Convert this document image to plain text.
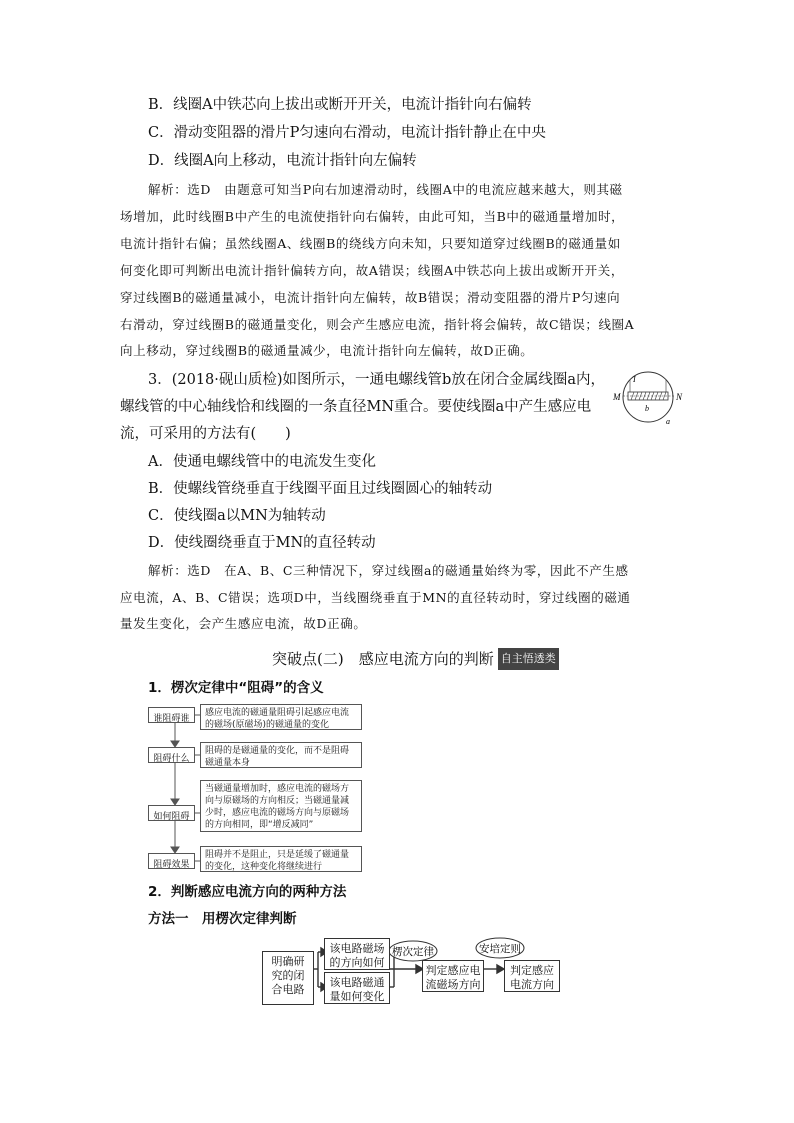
B．线圈A中铁芯向上拔出或断开开关，电流计指针向右偏转
C．滑动变阻器的滑片P匀速向右滑动，电流计指针静止在中央
D．线圈A向上移动，电流计指针向左偏转
解析：选D　由题意可知当P向右加速滑动时，线圈A中的电流应越来越大，则其磁
场增加，此时线圈B中产生的电流使指针向右偏转，由此可知，当B中的磁通量增加时，
电流计指针右偏；虽然线圈A、线圈B的绕线方向未知，只要知道穿过线圈B的磁通量如
何变化即可判断出电流计指针偏转方向，故A错误；线圈A中铁芯向上拔出或断开开关，
穿过线圈B的磁通量减小，电流计指针向左偏转，故B错误；滑动变阻器的滑片P匀速向
右滑动，穿过线圈B的磁通量变化，则会产生感应电流，指针将会偏转，故C错误；线圈A
向上移动，穿过线圈B的磁通量减少，电流计指针向左偏转，故D正确。
3．(2018·砚山质检)如图所示，一通电螺线管b放在闭合金属线圈a内，
螺线管的中心轴线恰和线圈的一条直径MN重合。要使线圈a中产生感应电
流，可采用的方法有(　　)
M	N
I
b
a
A．使通电螺线管中的电流发生变化
B．使螺线管绕垂直于线圈平面且过线圈圆心的轴转动
C．使线圈a以MN为轴转动
D．使线圈绕垂直于MN的直径转动
解析：选D　在A、B、C三种情况下，穿过线圈a的磁通量始终为零，因此不产生感
应电流，A、B、C错误；选项D中，当线圈绕垂直于MN的直径转动时，穿过线圈的磁通
量发生变化，会产生感应电流，故D正确。
突破点(二)　感应电流方向的判断 自主悟透类
1．楞次定律中“阻碍”的含义
谁阻碍谁
感应电流的磁通量阻碍引起感应电流
的磁场(原磁场)的磁通量的变化
阻碍什么
阻碍的是磁通量的变化，而不是阻碍
磁通量本身
如何阻碍
当磁通量增加时，感应电流的磁场方
向与原磁场的方向相反；当磁通量减
少时，感应电流的磁场方向与原磁场
的方向相同，即“增反减同”
阻碍效果
阻碍并不是阻止，只是延缓了磁通量
的变化，这种变化将继续进行
2．判断感应电流方向的两种方法
方法一　用楞次定律判断
楞次定律	安培定则
明确研
究的闭
合电路
该电路磁场
的方向如何
该电路磁通
量如何变化
判定感应电
流磁场方向
判定感应
电流方向
